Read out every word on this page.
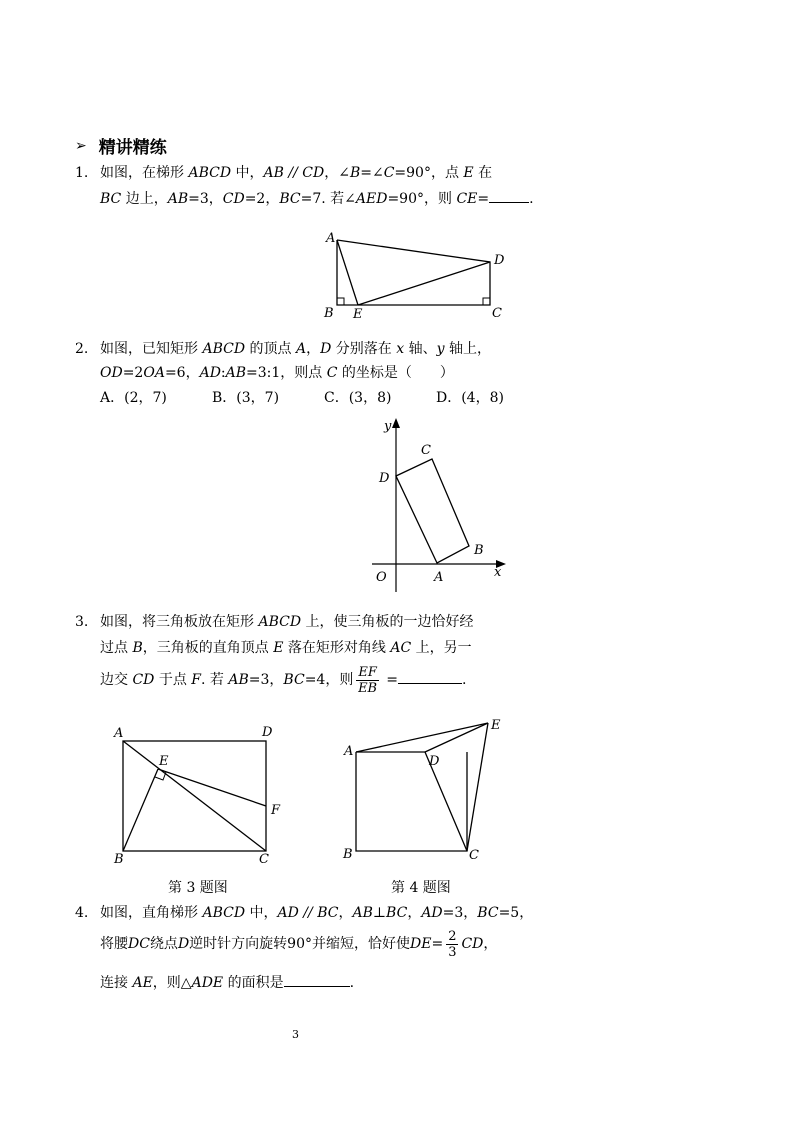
➢ 精讲精练
1. 如图，在梯形 ABCD 中，AB // CD，∠B=∠C=90°，点 E 在
BC 边上，AB=3，CD=2，BC=7. 若∠AED=90°，则 CE=	.
A
B E	C
D
2. 如图，已知矩形 ABCD 的顶点 A，D 分别落在 x 轴、y 轴上，
OD=2OA=6，AD:AB=3:1，则点 C 的坐标是（　　）
A．(2，7)	B．(3，7)	C．(3，8)	D．(4，8)
y
x
O	A
B
C
D
3. 如图，将三角板放在矩形 ABCD 上，使三角板的一边恰好经
过点 B，三角板的直角顶点 E 落在矩形对角线 AC 上，另一
边交 CD 于点 F. 若 AB=3，BC=4，则 $\frac{EF}{EB}$ =	.
A
B	C
D
E
F
第 3 题图
A
B	C
D
E
第 4 题图
4. 如图，直角梯形 ABCD 中，AD // BC，AB⊥BC，AD=3，BC=5，
将腰DC绕点D逆时针方向旋转90°并缩短，恰好使$DE= \frac{2}{3}$ CD，
连接 AE，则△ADE 的面积是	.
3
